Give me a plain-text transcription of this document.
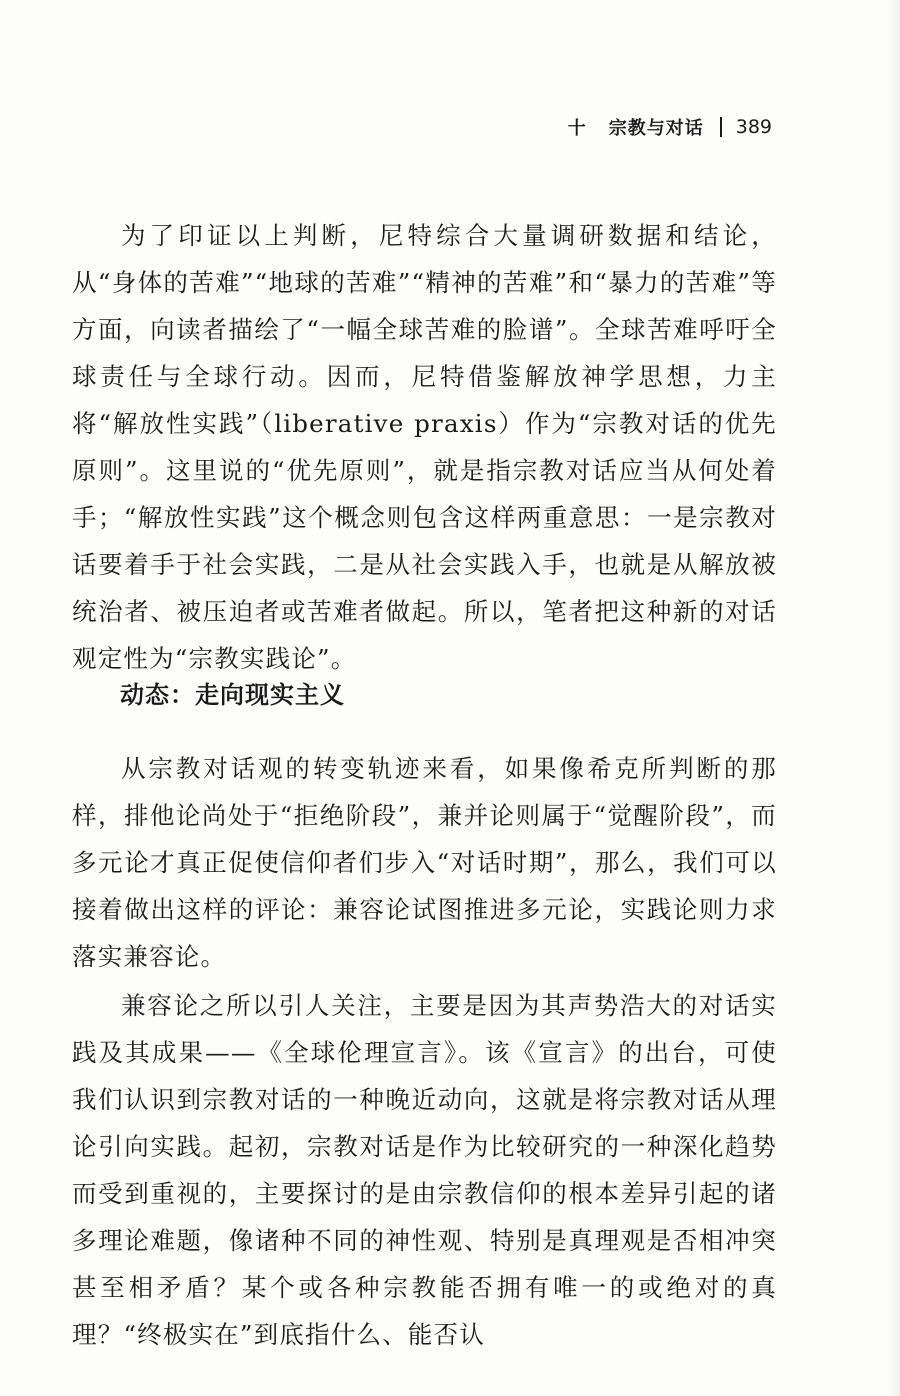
十 宗教与对话 389

为了印证以上判断，尼特综合大量调研数据和结论，从“身体的苦难”“地球的苦难”“精神的苦难”和“暴力的苦难”等方面，向读者描绘了“一幅全球苦难的脸谱”。全球苦难呼吁全球责任与全球行动。因而，尼特借鉴解放神学思想，力主将“解放性实践”（liberative praxis）作为“宗教对话的优先原则”。这里说的“优先原则”，就是指宗教对话应当从何处着手；“解放性实践”这个概念则包含这样两重意思：一是宗教对话要着手于社会实践，二是从社会实践入手，也就是从解放被统治者、被压迫者或苦难者做起。所以，笔者把这种新的对话观定性为“宗教实践论”。

动态：走向现实主义

从宗教对话观的转变轨迹来看，如果像希克所判断的那样，排他论尚处于“拒绝阶段”，兼并论则属于“觉醒阶段”，而多元论才真正促使信仰者们步入“对话时期”，那么，我们可以接着做出这样的评论：兼容论试图推进多元论，实践论则力求落实兼容论。

兼容论之所以引人关注，主要是因为其声势浩大的对话实践及其成果——《全球伦理宣言》。该《宣言》的出台，可使我们认识到宗教对话的一种晚近动向，这就是将宗教对话从理论引向实践。起初，宗教对话是作为比较研究的一种深化趋势而受到重视的，主要探讨的是由宗教信仰的根本差异引起的诸多理论难题，像诸种不同的神性观、特别是真理观是否相冲突甚至相矛盾？某个或各种宗教能否拥有唯一的或绝对的真理？“终极实在”到底指什么、能否认
